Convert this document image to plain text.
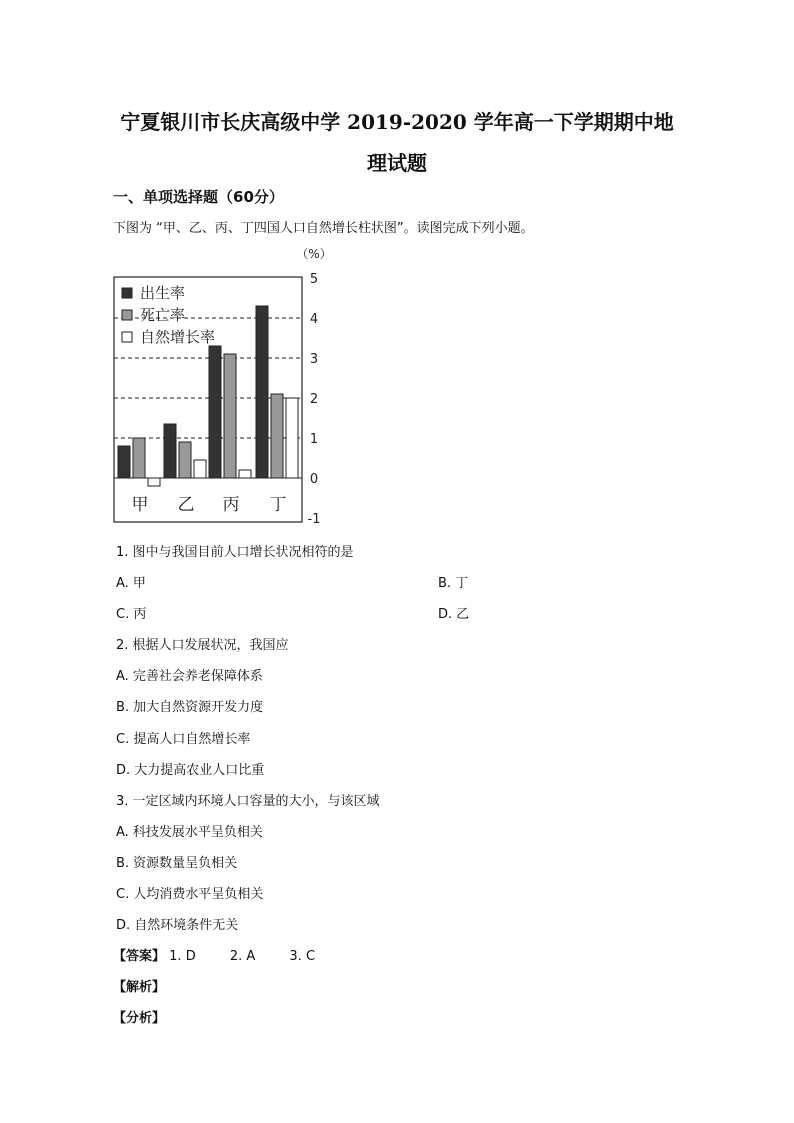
宁夏银川市长庆高级中学 2019-2020 学年高一下学期期中地
理试题
一、单项选择题（60分）
下图为 “甲、乙、丙、丁四国人口自然增长柱状图”。读图完成下列小题。
5
4
3
2
1
0
-1
（%）
甲 乙 丙 丁
出生率
死亡率
自然增长率
1. 图中与我国目前人口增长状况相符的是
A. 甲	B. 丁
C. 丙	D. 乙
2. 根据人口发展状况，我国应
A. 完善社会养老保障体系
B. 加大自然资源开发力度
C. 提高人口自然增长率
D. 大力提高农业人口比重
3. 一定区域内环境人口容量的大小，与该区域
A. 科技发展水平呈负相关
B. 资源数量呈负相关
C. 人均消费水平呈负相关
D. 自然环境条件无关
【答案】 1. D	2. A	3. C
【解析】
【分析】
